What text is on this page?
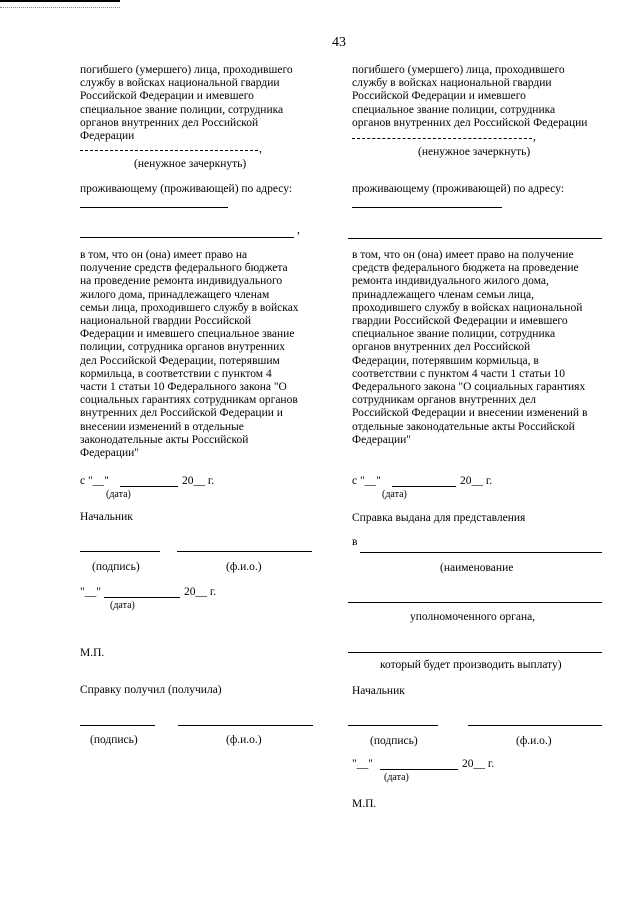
43
погибшего (умершего) лица, проходившего
службу в войсках национальной гвардии
Российской Федерации и имевшего
специальное звание полиции, сотрудника
органов внутренних дел Российской
Федерации
,
(ненужное зачеркнуть)
проживающему (проживающей) по адресу:
,
в том, что он (она) имеет право на
получение средств федерального бюджета
на проведение ремонта индивидуального
жилого дома, принадлежащего членам
семьи лица, проходившего службу в войсках
национальной гвардии Российской
Федерации и имевшего специальное звание
полиции, сотрудника органов внутренних
дел Российской Федерации, потерявшим
кормильца, в соответствии с пунктом 4
части 1 статьи 10 Федерального закона "О
социальных гарантиях сотрудникам органов
внутренних дел Российской Федерации и
внесении изменений в отдельные
законодательные акты Российской
Федерации"
с "__"	20__ г.
(дата)
Начальник
(подпись)	(ф.и.о.)
"__"	20__ г.
(дата)
М.П.
Справку получил (получила)
(подпись)	(ф.и.о.)
погибшего (умершего) лица, проходившего
службу в войсках национальной гвардии
Российской Федерации и имевшего
специальное звание полиции, сотрудника
органов внутренних дел Российской Федерации
,
(ненужное зачеркнуть)
проживающему (проживающей) по адресу:
в том, что он (она) имеет право на получение
средств федерального бюджета на проведение
ремонта индивидуального жилого дома,
принадлежащего членам семьи лица,
проходившего службу в войсках национальной
гвардии Российской Федерации и имевшего
специальное звание полиции, сотрудника
органов внутренних дел Российской
Федерации, потерявшим кормильца, в
соответствии с пунктом 4 части 1 статьи 10
Федерального закона "О социальных гарантиях
сотрудникам органов внутренних дел
Российской Федерации и внесении изменений в
отдельные законодательные акты Российской
Федерации"
с "__"	20__ г.
(дата)
Справка выдана для представления
в
(наименование
уполномоченного органа,
который будет производить выплату)
Начальник
(подпись)	(ф.и.о.)
"__"	20__ г.
(дата)
М.П.
